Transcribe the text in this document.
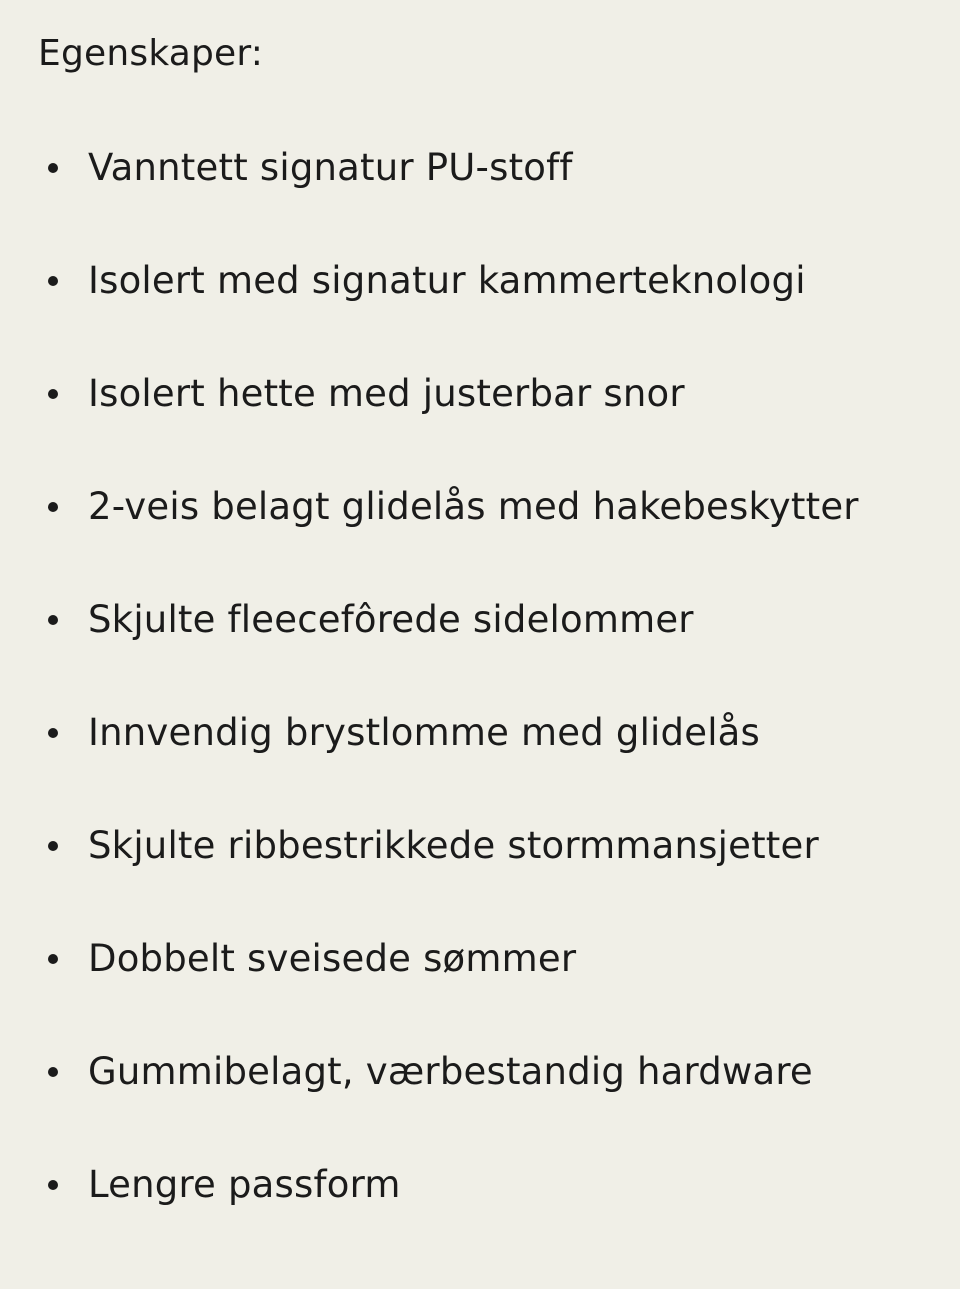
Egenskaper:
Vanntett signatur PU-stoff
Isolert med signatur kammerteknologi
Isolert hette med justerbar snor
2-veis belagt glidelås med hakebeskytter
Skjulte fleecefôrede sidelommer
Innvendig brystlomme med glidelås
Skjulte ribbestrikkede stormmansjetter
Dobbelt sveisede sømmer
Gummibelagt, værbestandig hardware
Lengre passform
